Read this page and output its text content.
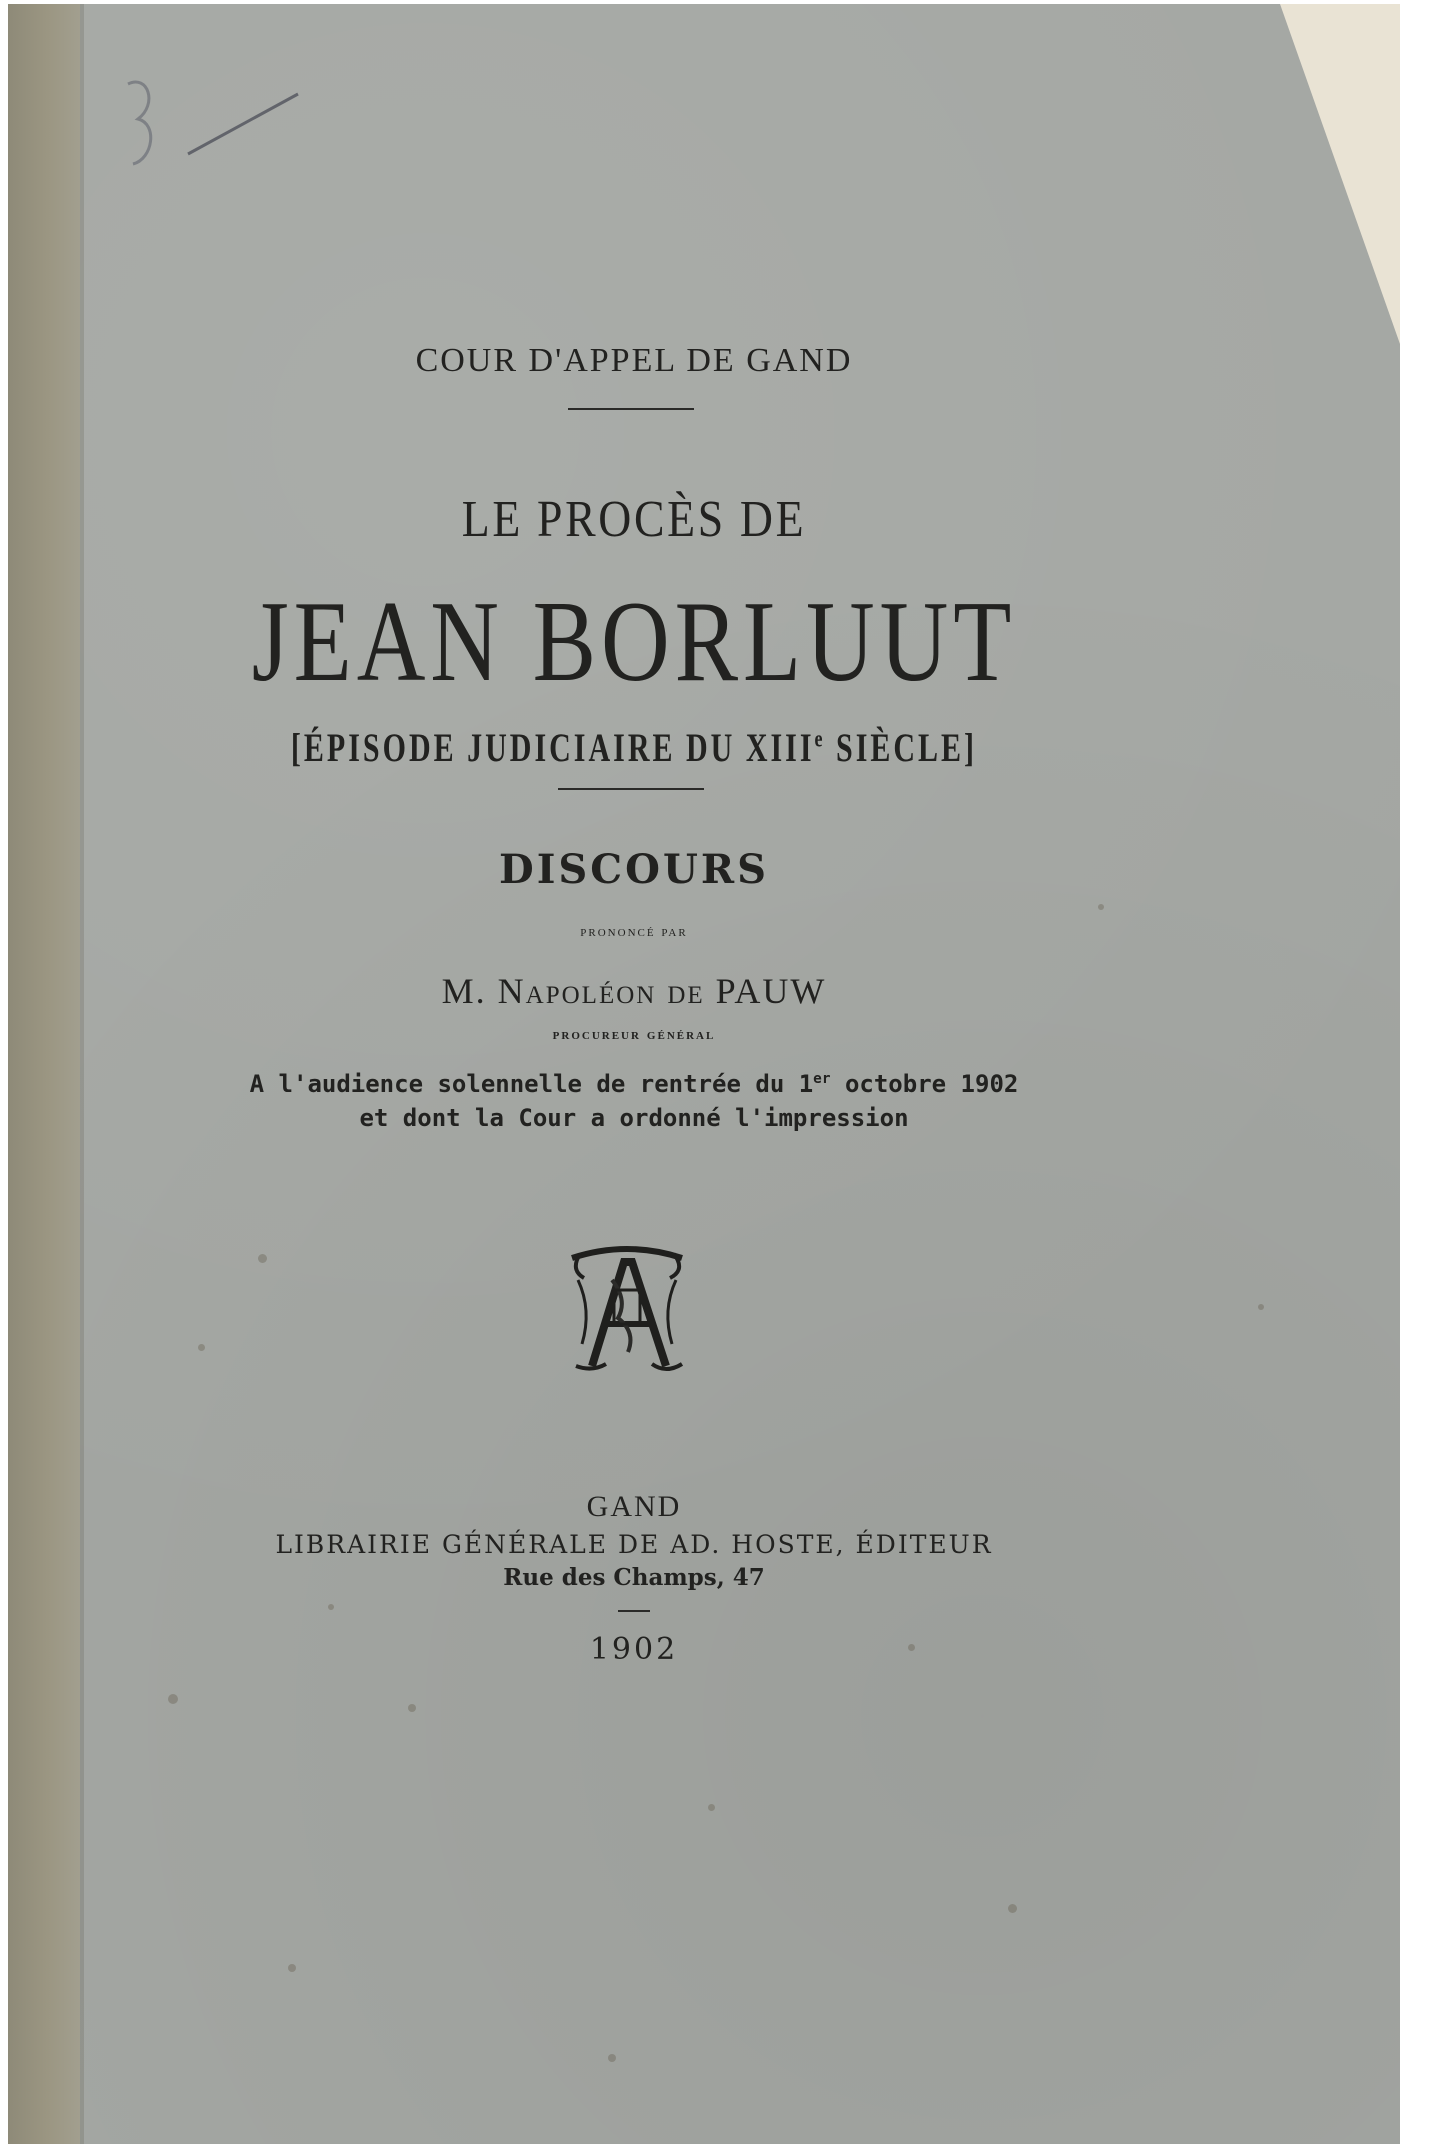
COUR D'APPEL DE GAND
LE PROCÈS DE
JEAN BORLUUT
[ÉPISODE JUDICIAIRE DU XIIIe SIÈCLE]
DISCOURS
prononcé par
M. Napoléon de PAUW
procureur général
A l'audience solennelle de rentrée du 1er octobre 1902
et dont la Cour a ordonné l'impression
GAND
LIBRAIRIE GÉNÉRALE DE AD. HOSTE, ÉDITEUR
Rue des Champs, 47
1902
